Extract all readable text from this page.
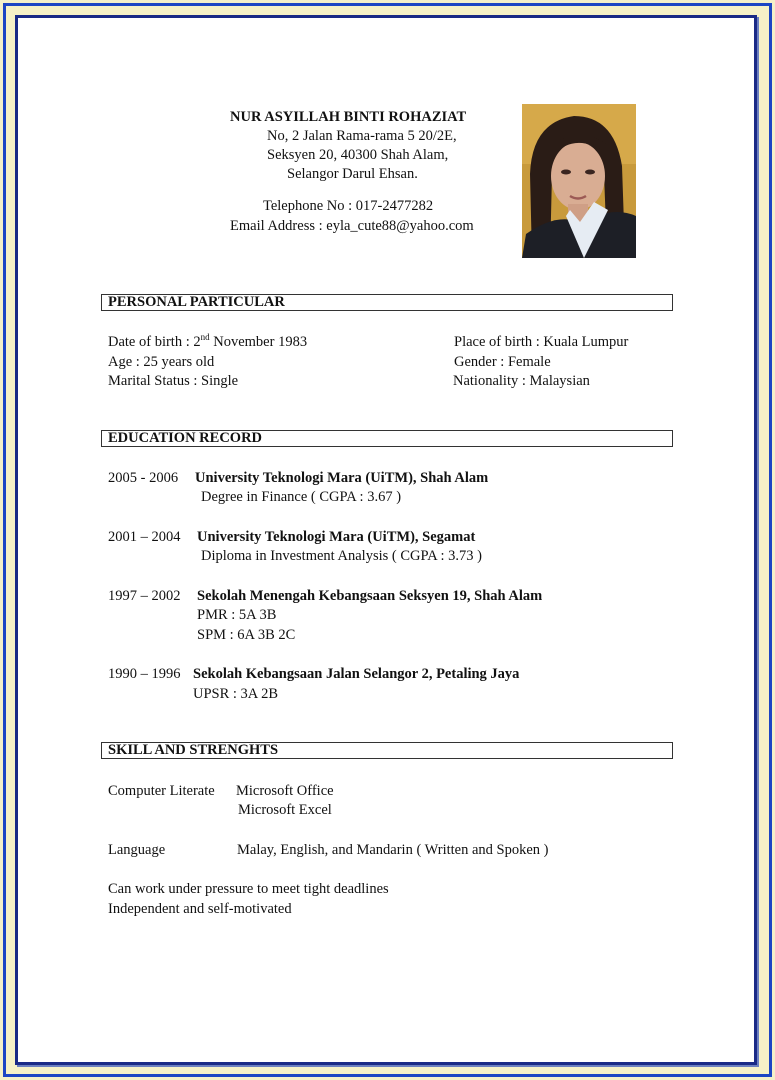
NUR ASYILLAH BINTI ROHAZIAT
No, 2 Jalan Rama-rama 5 20/2E,
Seksyen 20, 40300 Shah Alam,
Selangor Darul Ehsan.
Telephone No : 017-2477282
Email Address : eyla_cute88@yahoo.com
PERSONAL PARTICULAR
Date of birth : 2nd November 1983
Age : 25 years old
Marital Status : Single
Place of birth : Kuala Lumpur
Gender : Female
Nationality : Malaysian
EDUCATION RECORD
2005 - 2006 University Teknologi Mara (UiTM), Shah Alam
Degree in Finance ( CGPA : 3.67 )
2001 – 2004 University Teknologi Mara (UiTM), Segamat
Diploma in Investment Analysis ( CGPA : 3.73 )
1997 – 2002 Sekolah Menengah Kebangsaan Seksyen 19, Shah Alam
PMR : 5A 3B
SPM : 6A 3B 2C
1990 – 1996 Sekolah Kebangsaan Jalan Selangor 2, Petaling Jaya
UPSR : 3A 2B
SKILL AND STRENGHTS
Computer Literate Microsoft Office
Microsoft Excel
Language	Malay, English, and Mandarin ( Written and Spoken )
Can work under pressure to meet tight deadlines
Independent and self-motivated
